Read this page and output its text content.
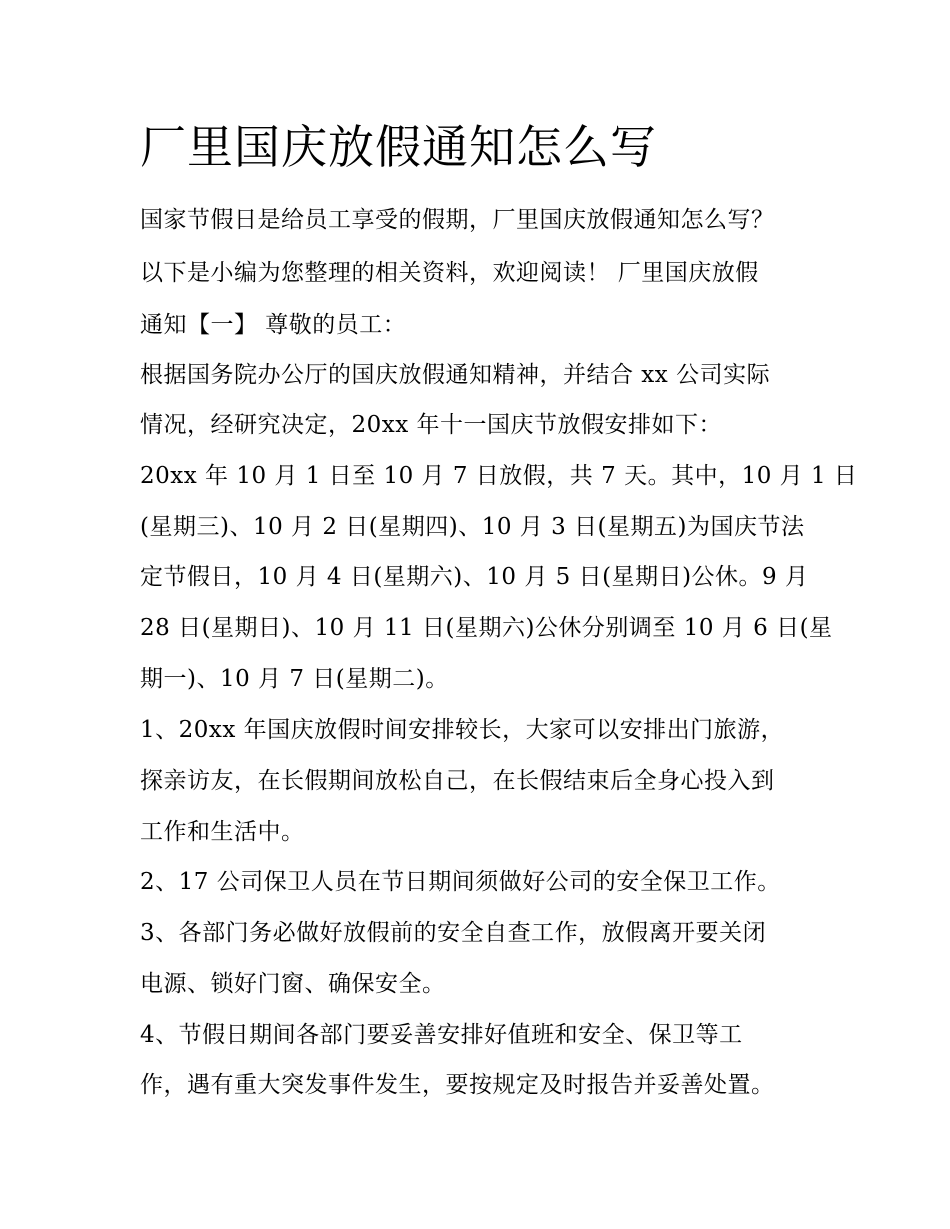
厂里国庆放假通知怎么写

国家节假日是给员工享受的假期，厂里国庆放假通知怎么写？

以下是小编为您整理的相关资料，欢迎阅读！ 厂里国庆放假

通知【一】 尊敬的员工：

根据国务院办公厅的国庆放假通知精神，并结合 xx 公司实际

情况，经研究决定，20xx 年十一国庆节放假安排如下：

20xx 年 10 月 1 日至 10 月 7 日放假，共 7 天。其中，10 月 1 日

(星期三)、10 月 2 日(星期四)、10 月 3 日(星期五)为国庆节法

定节假日，10 月 4 日(星期六)、10 月 5 日(星期日)公休。9 月

28 日(星期日)、10 月 11 日(星期六)公休分别调至 10 月 6 日(星

期一)、10 月 7 日(星期二)。

1、20xx 年国庆放假时间安排较长，大家可以安排出门旅游，

探亲访友，在长假期间放松自己，在长假结束后全身心投入到

工作和生活中。

2、17 公司保卫人员在节日期间须做好公司的安全保卫工作。

3、各部门务必做好放假前的安全自查工作，放假离开要关闭

电源、锁好门窗、确保安全。

4、节假日期间各部门要妥善安排好值班和安全、保卫等工

作，遇有重大突发事件发生，要按规定及时报告并妥善处置。
